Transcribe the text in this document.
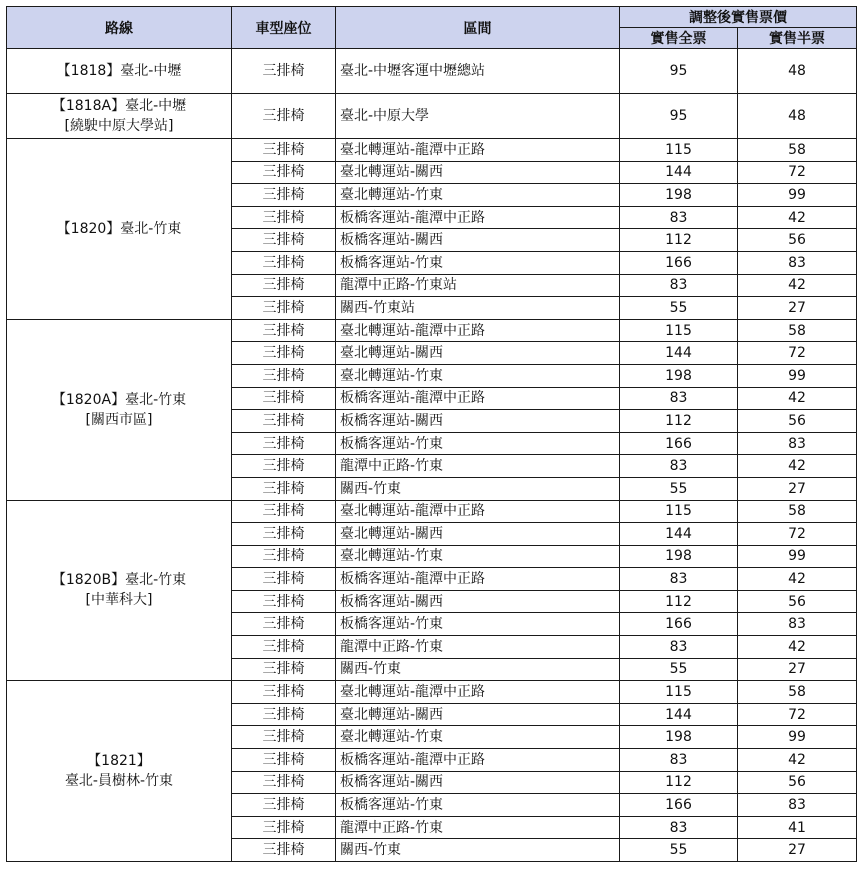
路線	車型座位	區間	調整後實售票價	
			實售全票	實售半票

【1818】臺北-中壢	三排椅	臺北-中壢客運中壢總站	95	48

【1818A】臺北-中壢
[繞駛中原大學站]	三排椅	臺北-中原大學	95	48

【1820】臺北-竹東	三排椅	臺北轉運站-龍潭中正路	115	58
	三排椅	臺北轉運站-關西	144	72
	三排椅	臺北轉運站-竹東	198	99
	三排椅	板橋客運站-龍潭中正路	83	42
	三排椅	板橋客運站-關西	112	56
	三排椅	板橋客運站-竹東	166	83
	三排椅	龍潭中正路-竹東站	83	42
	三排椅	關西-竹東站	55	27

【1820A】臺北-竹東
[關西市區]	三排椅	臺北轉運站-龍潭中正路	115	58
	三排椅	臺北轉運站-關西	144	72
	三排椅	臺北轉運站-竹東	198	99
	三排椅	板橋客運站-龍潭中正路	83	42
	三排椅	板橋客運站-關西	112	56
	三排椅	板橋客運站-竹東	166	83
	三排椅	龍潭中正路-竹東	83	42
	三排椅	關西-竹東	55	27

【1820B】臺北-竹東
[中華科大]	三排椅	臺北轉運站-龍潭中正路	115	58
	三排椅	臺北轉運站-關西	144	72
	三排椅	臺北轉運站-竹東	198	99
	三排椅	板橋客運站-龍潭中正路	83	42
	三排椅	板橋客運站-關西	112	56
	三排椅	板橋客運站-竹東	166	83
	三排椅	龍潭中正路-竹東	83	42
	三排椅	關西-竹東	55	27

【1821】
臺北-員樹林-竹東	三排椅	臺北轉運站-龍潭中正路	115	58
	三排椅	臺北轉運站-關西	144	72
	三排椅	臺北轉運站-竹東	198	99
	三排椅	板橋客運站-龍潭中正路	83	42
	三排椅	板橋客運站-關西	112	56
	三排椅	板橋客運站-竹東	166	83
	三排椅	龍潭中正路-竹東	83	41
	三排椅	關西-竹東	55	27
